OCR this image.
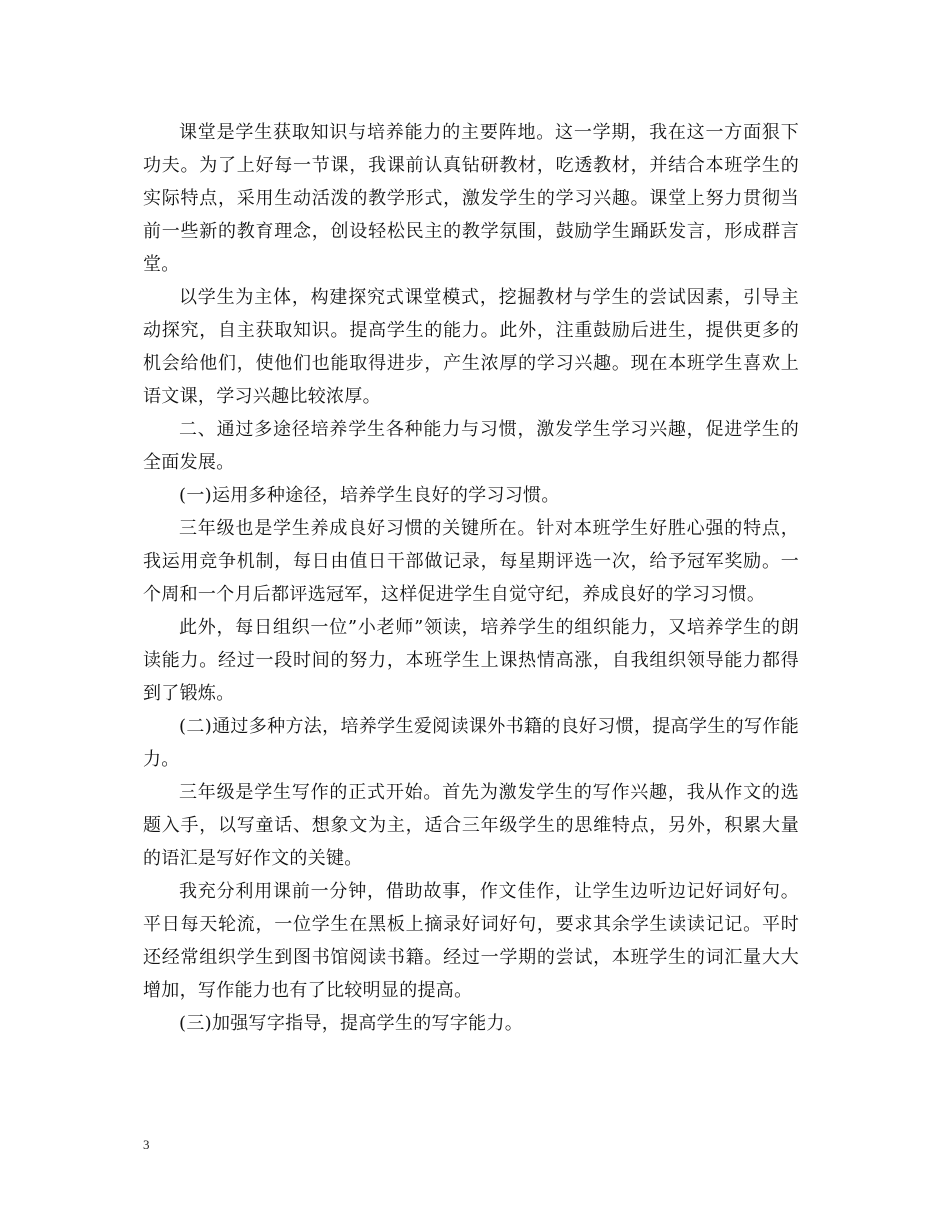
课堂是学生获取知识与培养能力的主要阵地。这一学期，我在这一方面狠下功夫。为了上好每一节课，我课前认真钻研教材，吃透教材，并结合本班学生的实际特点，采用生动活泼的教学形式，激发学生的学习兴趣。课堂上努力贯彻当前一些新的教育理念，创设轻松民主的教学氛围，鼓励学生踊跃发言，形成群言堂。

以学生为主体，构建探究式课堂模式，挖掘教材与学生的尝试因素，引导主动探究，自主获取知识。提高学生的能力。此外，注重鼓励后进生，提供更多的机会给他们，使他们也能取得进步，产生浓厚的学习兴趣。现在本班学生喜欢上语文课，学习兴趣比较浓厚。

二、通过多途径培养学生各种能力与习惯，激发学生学习兴趣，促进学生的全面发展。

(一)运用多种途径，培养学生良好的学习习惯。

三年级也是学生养成良好习惯的关键所在。针对本班学生好胜心强的特点，我运用竞争机制，每日由值日干部做记录，每星期评选一次，给予冠军奖励。一个周和一个月后都评选冠军，这样促进学生自觉守纪，养成良好的学习习惯。

此外，每日组织一位”小老师”领读，培养学生的组织能力，又培养学生的朗读能力。经过一段时间的努力，本班学生上课热情高涨，自我组织领导能力都得到了锻炼。

(二)通过多种方法，培养学生爱阅读课外书籍的良好习惯，提高学生的写作能力。

三年级是学生写作的正式开始。首先为激发学生的写作兴趣，我从作文的选题入手，以写童话、想象文为主，适合三年级学生的思维特点，另外，积累大量的语汇是写好作文的关键。

我充分利用课前一分钟，借助故事，作文佳作，让学生边听边记好词好句。平日每天轮流，一位学生在黑板上摘录好词好句，要求其余学生读读记记。平时还经常组织学生到图书馆阅读书籍。经过一学期的尝试，本班学生的词汇量大大增加，写作能力也有了比较明显的提高。

(三)加强写字指导，提高学生的写字能力。

3
